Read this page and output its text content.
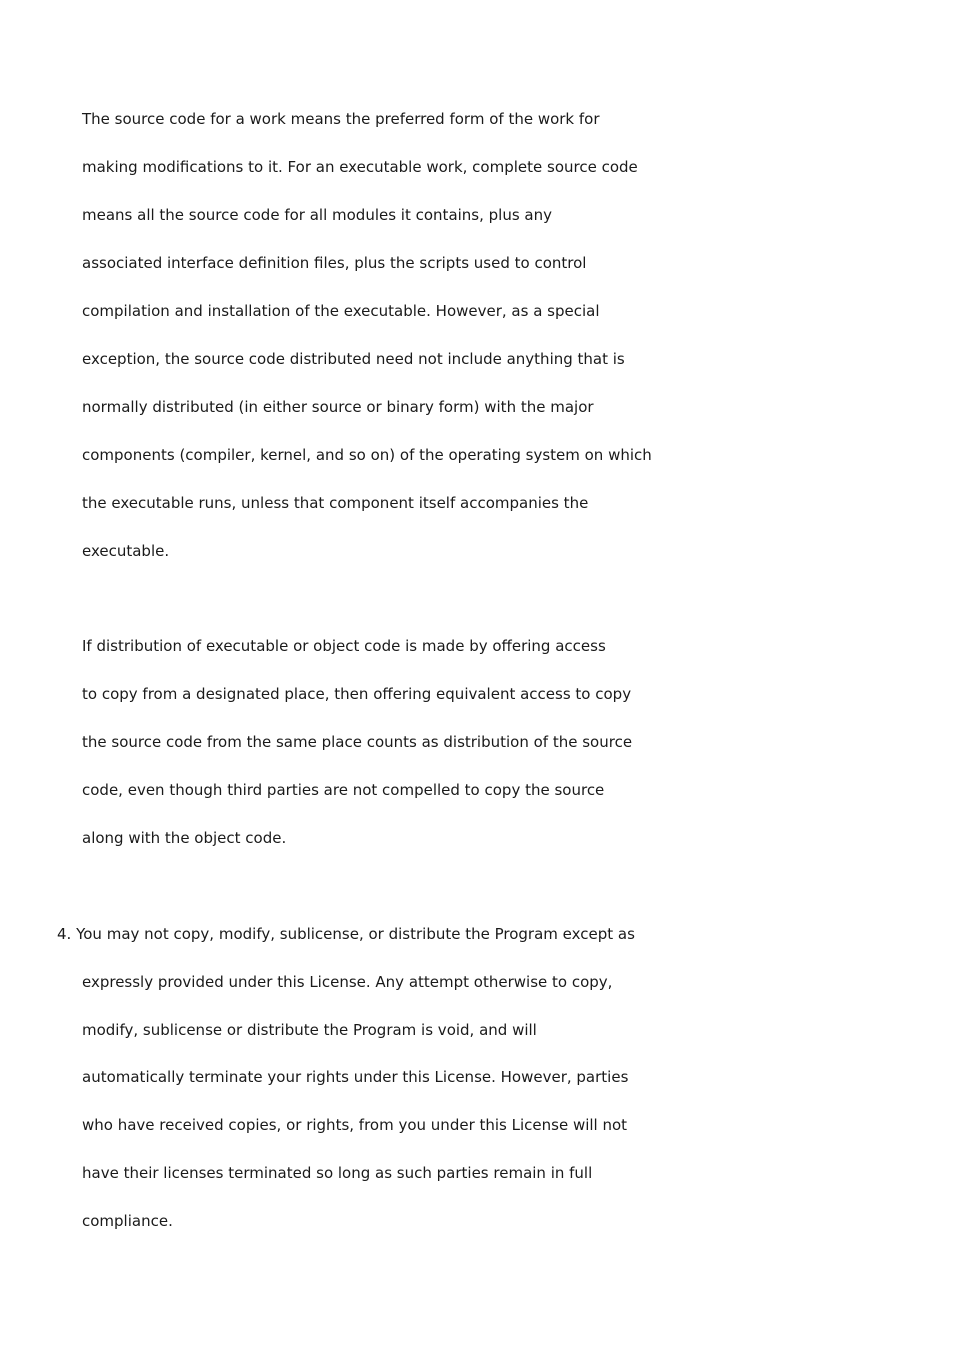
The source code for a work means the preferred form of the work for
making modifications to it. For an executable work, complete source code
means all the source code for all modules it contains, plus any
associated interface definition files, plus the scripts used to control
compilation and installation of the executable. However, as a special
exception, the source code distributed need not include anything that is
normally distributed (in either source or binary form) with the major
components (compiler, kernel, and so on) of the operating system on which
the executable runs, unless that component itself accompanies the
executable.
If distribution of executable or object code is made by offering access
to copy from a designated place, then offering equivalent access to copy
the source code from the same place counts as distribution of the source
code, even though third parties are not compelled to copy the source
along with the object code.
4. You may not copy, modify, sublicense, or distribute the Program except as
expressly provided under this License. Any attempt otherwise to copy,
modify, sublicense or distribute the Program is void, and will
automatically terminate your rights under this License. However, parties
who have received copies, or rights, from you under this License will not
have their licenses terminated so long as such parties remain in full
compliance.
